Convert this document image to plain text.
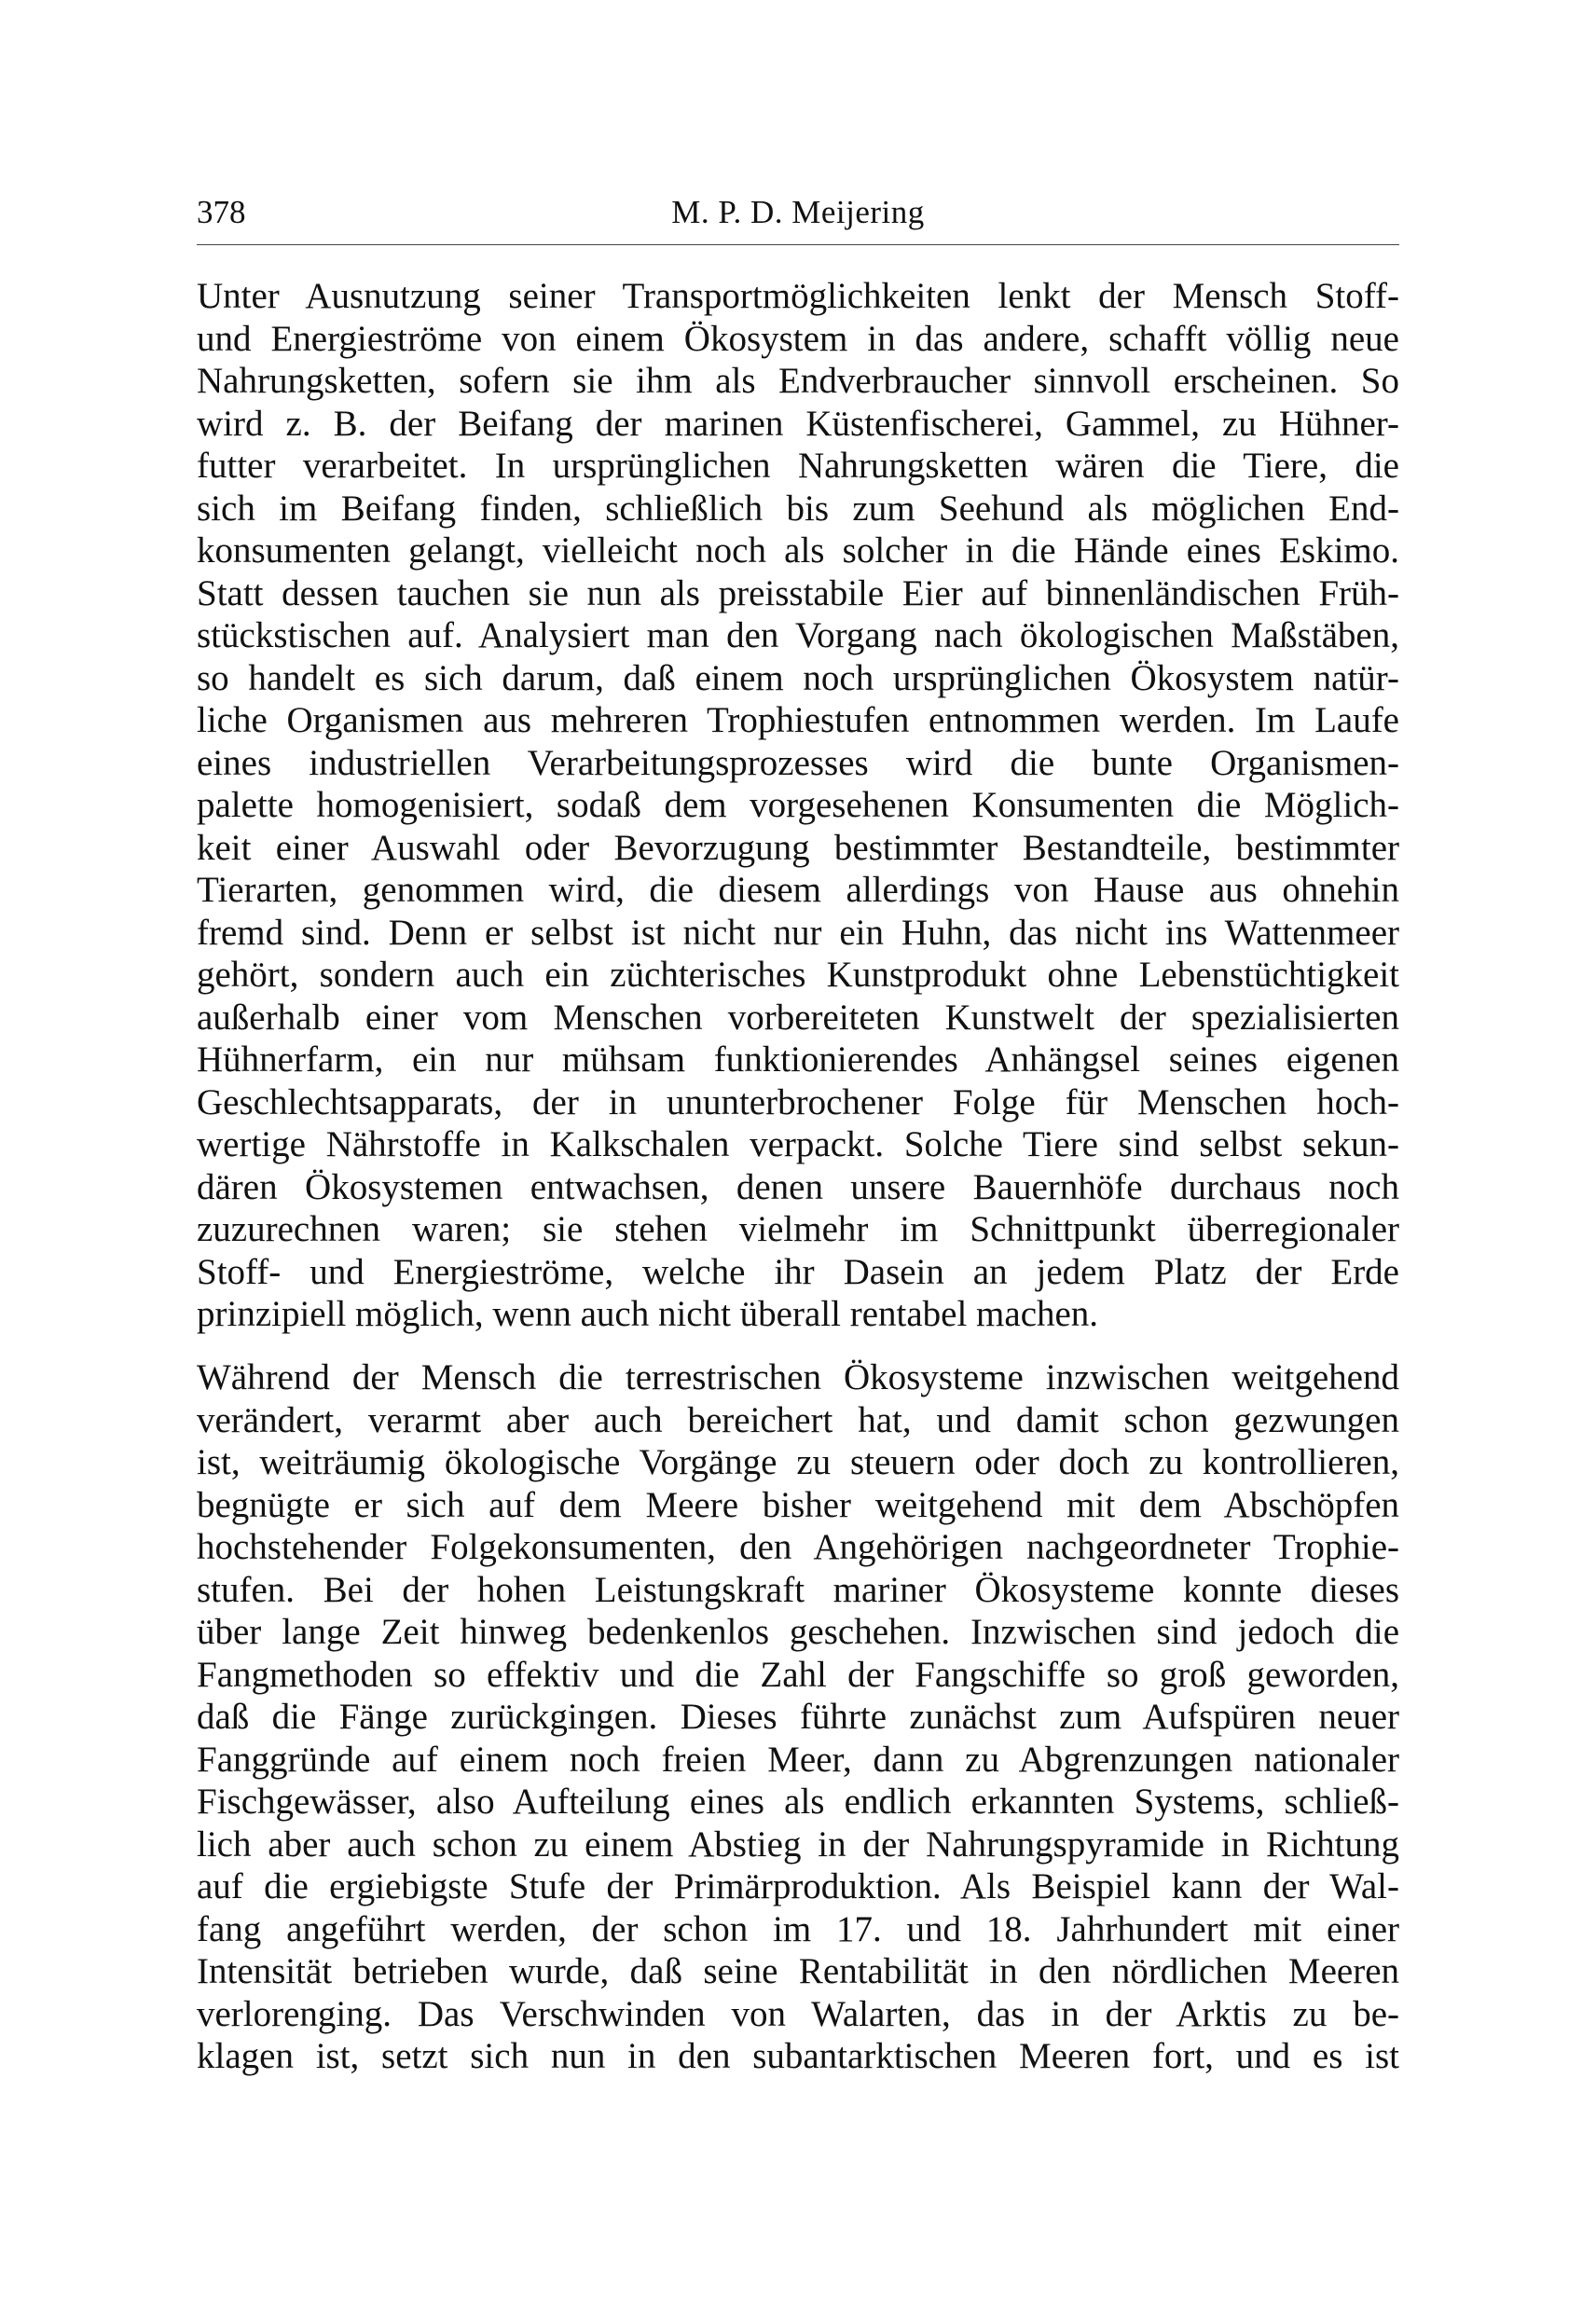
378	M. P. D. Meijering
Unter Ausnutzung seiner Transportmöglichkeiten lenkt der Mensch Stoff-
und Energieströme von einem Ökosystem in das andere, schafft völlig neue
Nahrungsketten, sofern sie ihm als Endverbraucher sinnvoll erscheinen. So
wird z. B. der Beifang der marinen Küstenfischerei, Gammel, zu Hühner-
futter verarbeitet. In ursprünglichen Nahrungsketten wären die Tiere, die
sich im Beifang finden, schließlich bis zum Seehund als möglichen End-
konsumenten gelangt, vielleicht noch als solcher in die Hände eines Eskimo.
Statt dessen tauchen sie nun als preisstabile Eier auf binnenländischen Früh-
stückstischen auf. Analysiert man den Vorgang nach ökologischen Maßstäben,
so handelt es sich darum, daß einem noch ursprünglichen Ökosystem natür-
liche Organismen aus mehreren Trophiestufen entnommen werden. Im Laufe
eines industriellen Verarbeitungsprozesses wird die bunte Organismen-
palette homogenisiert, sodaß dem vorgesehenen Konsumenten die Möglich-
keit einer Auswahl oder Bevorzugung bestimmter Bestandteile, bestimmter
Tierarten, genommen wird, die diesem allerdings von Hause aus ohnehin
fremd sind. Denn er selbst ist nicht nur ein Huhn, das nicht ins Wattenmeer
gehört, sondern auch ein züchterisches Kunstprodukt ohne Lebenstüchtigkeit
außerhalb einer vom Menschen vorbereiteten Kunstwelt der spezialisierten
Hühnerfarm, ein nur mühsam funktionierendes Anhängsel seines eigenen
Geschlechtsapparats, der in ununterbrochener Folge für Menschen hoch-
wertige Nährstoffe in Kalkschalen verpackt. Solche Tiere sind selbst sekun-
dären Ökosystemen entwachsen, denen unsere Bauernhöfe durchaus noch
zuzurechnen waren; sie stehen vielmehr im Schnittpunkt überregionaler
Stoff- und Energieströme, welche ihr Dasein an jedem Platz der Erde
prinzipiell möglich, wenn auch nicht überall rentabel machen.
Während der Mensch die terrestrischen Ökosysteme inzwischen weitgehend
verändert, verarmt aber auch bereichert hat, und damit schon gezwungen
ist, weiträumig ökologische Vorgänge zu steuern oder doch zu kontrollieren,
begnügte er sich auf dem Meere bisher weitgehend mit dem Abschöpfen
hochstehender Folgekonsumenten, den Angehörigen nachgeordneter Trophie-
stufen. Bei der hohen Leistungskraft mariner Ökosysteme konnte dieses
über lange Zeit hinweg bedenkenlos geschehen. Inzwischen sind jedoch die
Fangmethoden so effektiv und die Zahl der Fangschiffe so groß geworden,
daß die Fänge zurückgingen. Dieses führte zunächst zum Aufspüren neuer
Fanggründe auf einem noch freien Meer, dann zu Abgrenzungen nationaler
Fischgewässer, also Aufteilung eines als endlich erkannten Systems, schließ-
lich aber auch schon zu einem Abstieg in der Nahrungspyramide in Richtung
auf die ergiebigste Stufe der Primärproduktion. Als Beispiel kann der Wal-
fang angeführt werden, der schon im 17. und 18. Jahrhundert mit einer
Intensität betrieben wurde, daß seine Rentabilität in den nördlichen Meeren
verlorenging. Das Verschwinden von Walarten, das in der Arktis zu be-
klagen ist, setzt sich nun in den subantarktischen Meeren fort, und es ist
